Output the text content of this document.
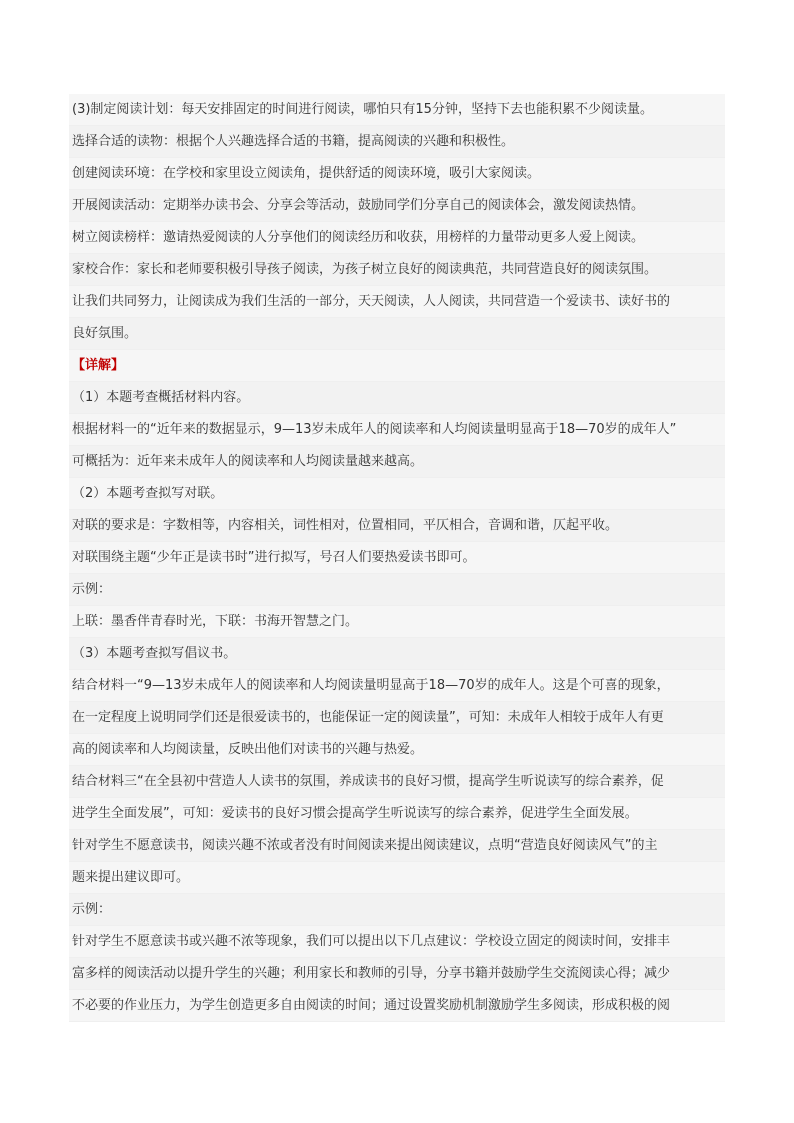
(3)制定阅读计划：每天安排固定的时间进行阅读，哪怕只有15分钟，坚持下去也能积累不少阅读量。
选择合适的读物：根据个人兴趣选择合适的书籍，提高阅读的兴趣和积极性。
创建阅读环境：在学校和家里设立阅读角，提供舒适的阅读环境，吸引大家阅读。
开展阅读活动：定期举办读书会、分享会等活动，鼓励同学们分享自己的阅读体会，激发阅读热情。
树立阅读榜样：邀请热爱阅读的人分享他们的阅读经历和收获，用榜样的力量带动更多人爱上阅读。
家校合作：家长和老师要积极引导孩子阅读，为孩子树立良好的阅读典范，共同营造良好的阅读氛围。
让我们共同努力，让阅读成为我们生活的一部分，天天阅读，人人阅读，共同营造一个爱读书、读好书的
良好氛围。
【详解】
（1）本题考查概括材料内容。
根据材料一的“近年来的数据显示，9—13岁未成年人的阅读率和人均阅读量明显高于18—70岁的成年人”
可概括为：近年来未成年人的阅读率和人均阅读量越来越高。
（2）本题考查拟写对联。
对联的要求是：字数相等，内容相关，词性相对，位置相同，平仄相合，音调和谐，仄起平收。
对联围绕主题“少年正是读书时”进行拟写，号召人们要热爱读书即可。
示例：
上联：墨香伴青春时光，下联：书海开智慧之门。
（3）本题考查拟写倡议书。
结合材料一“9—13岁未成年人的阅读率和人均阅读量明显高于18—70岁的成年人。这是个可喜的现象，
在一定程度上说明同学们还是很爱读书的，也能保证一定的阅读量”，可知：未成年人相较于成年人有更
高的阅读率和人均阅读量，反映出他们对读书的兴趣与热爱。
结合材料三“在全县初中营造人人读书的氛围，养成读书的良好习惯，提高学生听说读写的综合素养，促
进学生全面发展”，可知：爱读书的良好习惯会提高学生听说读写的综合素养，促进学生全面发展。
针对学生不愿意读书，阅读兴趣不浓或者没有时间阅读来提出阅读建议，点明“营造良好阅读风气”的主
题来提出建议即可。
示例：
针对学生不愿意读书或兴趣不浓等现象，我们可以提出以下几点建议：学校设立固定的阅读时间，安排丰
富多样的阅读活动以提升学生的兴趣；利用家长和教师的引导，分享书籍并鼓励学生交流阅读心得；减少
不必要的作业压力，为学生创造更多自由阅读的时间；通过设置奖励机制激励学生多阅读，形成积极的阅
